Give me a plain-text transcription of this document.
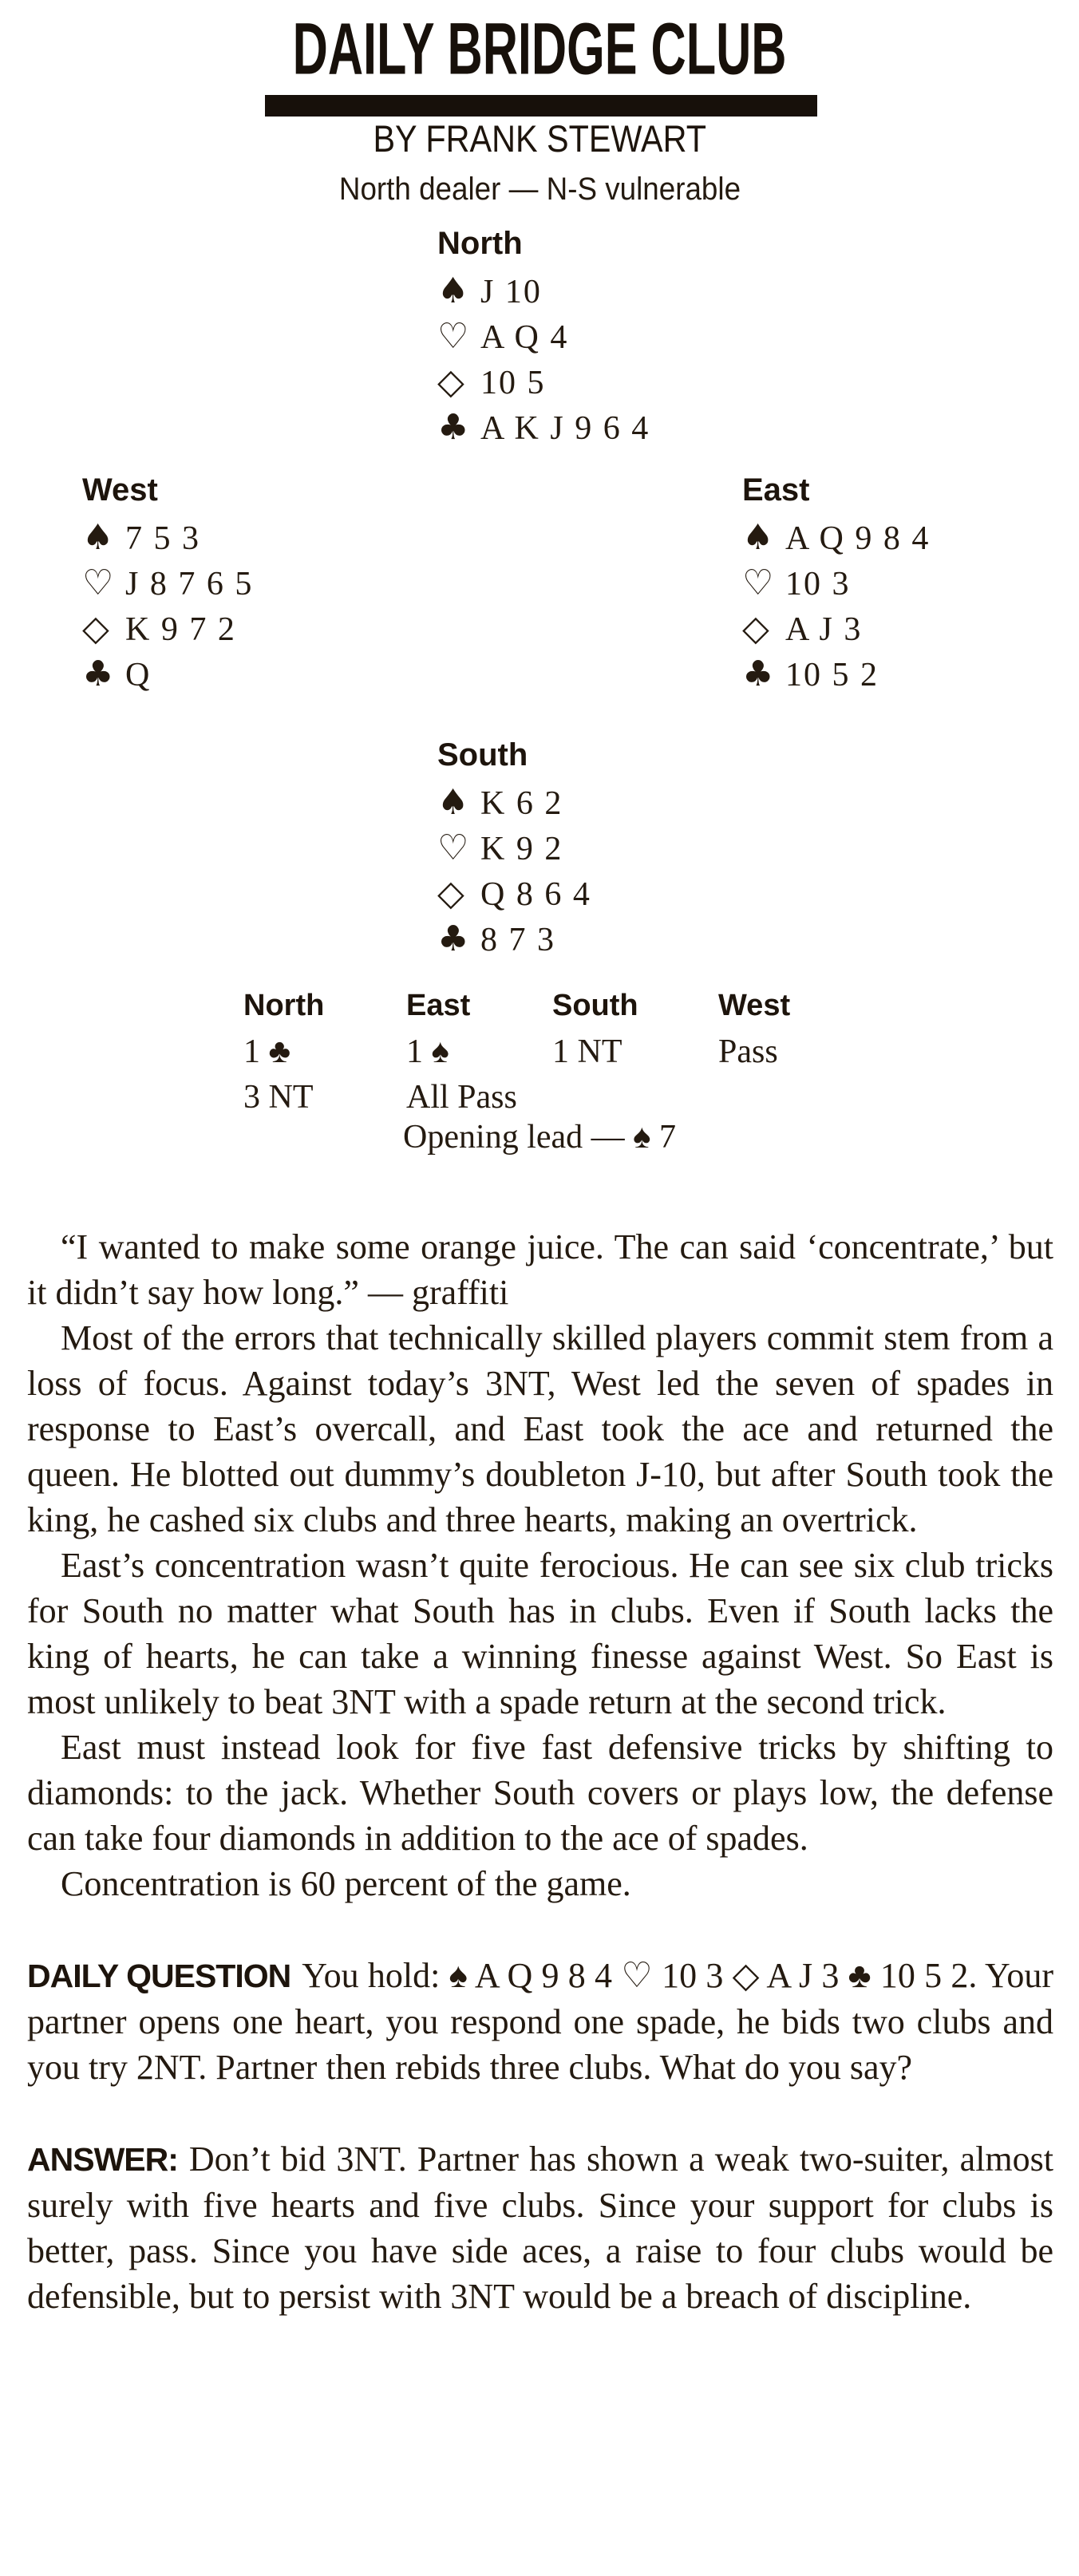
DAILY BRIDGE CLUB
BY FRANK STEWART
North dealer — N-S vulnerable
North
♠ J 10
♡ A Q 4
◇ 10 5
♣ A K J 9 6 4
West
♠ 7 5 3
♡ J 8 7 6 5
◇ K 9 7 2
♣ Q
East
♠ A Q 9 8 4
♡ 10 3
◇ A J 3
♣ 10 5 2
South
♠ K 6 2
♡ K 9 2
◇ Q 8 6 4
♣ 8 7 3
North	East	South	West
1 ♣	1 ♠	1 NT	Pass
3 NT	All Pass
Opening lead — ♠ 7

“I wanted to make some orange juice. The can said ‘concentrate,’ but it didn’t say how long.” — graffiti

Most of the errors that technically skilled players commit stem from a loss of focus. Against today’s 3NT, West led the seven of spades in response to East’s overcall, and East took the ace and returned the queen. He blotted out dummy’s doubleton J-10, but after South took the king, he cashed six clubs and three hearts, making an overtrick.

East’s concentration wasn’t quite ferocious. He can see six club tricks for South no matter what South has in clubs. Even if South lacks the king of hearts, he can take a winning finesse against West. So East is most unlikely to beat 3NT with a spade return at the second trick.

East must instead look for five fast defensive tricks by shifting to diamonds: to the jack. Whether South covers or plays low, the defense can take four diamonds in addition to the ace of spades.

Concentration is 60 percent of the game.

DAILY QUESTION You hold: ♠ A Q 9 8 4 ♡ 10 3 ◇ A J 3 ♣ 10 5 2. Your partner opens one heart, you respond one spade, he bids two clubs and you try 2NT. Partner then rebids three clubs. What do you say?

ANSWER: Don’t bid 3NT. Partner has shown a weak two-suiter, almost surely with five hearts and five clubs. Since your support for clubs is better, pass. Since you have side aces, a raise to four clubs would be defensible, but to persist with 3NT would be a breach of discipline.
